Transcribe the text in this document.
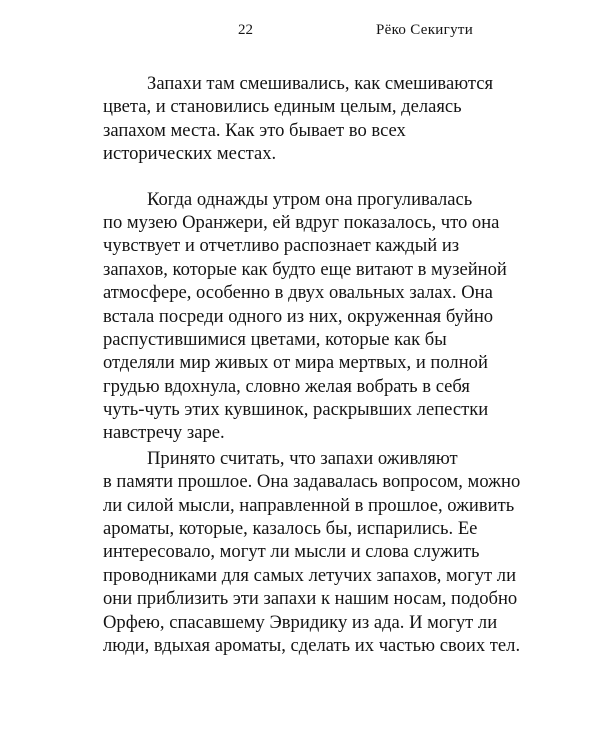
22	Рёко Секигути
Запахи там смешивались, как смешиваются
цвета, и становились единым целым, делаясь
запахом места. Как это бывает во всех
исторических местах.
Когда однажды утром она прогуливалась
по музею Оранжери, ей вдруг показалось, что она
чувствует и отчетливо распознает каждый из
запахов, которые как будто еще витают в музейной
атмосфере, особенно в двух овальных залах. Она
встала посреди одного из них, окруженная буйно
распустившимися цветами, которые как бы
отделяли мир живых от мира мертвых, и полной
грудью вдохнула, словно желая вобрать в себя
чуть-чуть этих кувшинок, раскрывших лепестки
навстречу заре.
Принято считать, что запахи оживляют
в памяти прошлое. Она задавалась вопросом, можно
ли силой мысли, направленной в прошлое, оживить
ароматы, которые, казалось бы, испарились. Ее
интересовало, могут ли мысли и слова служить
проводниками для самых летучих запахов, могут ли
они приблизить эти запахи к нашим носам, подобно
Орфею, спасавшему Эвридику из ада. И могут ли
люди, вдыхая ароматы, сделать их частью своих тел.
